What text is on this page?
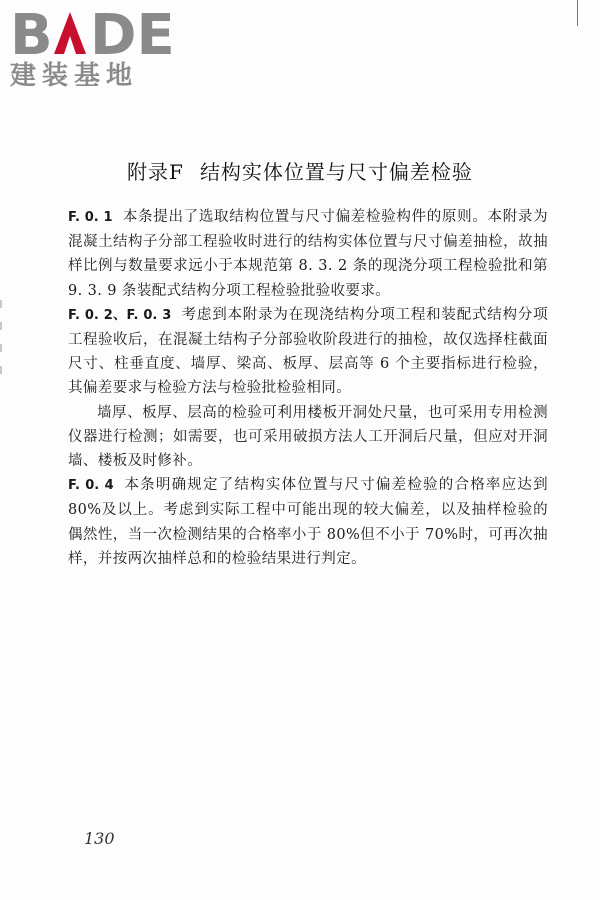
B DE
建装基地
附录F 结构实体位置与尺寸偏差检验

F. 0. 1 本条提出了选取结构位置与尺寸偏差检验构件的原则。本附录为混凝土结构子分部工程验收时进行的结构实体位置与尺寸偏差抽检，故抽样比例与数量要求远小于本规范第 8. 3. 2 条的现浇分项工程检验批和第 9. 3. 9 条装配式结构分项工程检验批验收要求。

F. 0. 2、F. 0. 3 考虑到本附录为在现浇结构分项工程和装配式结构分项工程验收后，在混凝土结构子分部验收阶段进行的抽检，故仅选择柱截面尺寸、柱垂直度、墙厚、梁高、板厚、层高等 6 个主要指标进行检验，其偏差要求与检验方法与检验批检验相同。

墙厚、板厚、层高的检验可利用楼板开洞处尺量，也可采用专用检测仪器进行检测；如需要，也可采用破损方法人工开洞后尺量，但应对开洞墙、楼板及时修补。

F. 0. 4 本条明确规定了结构实体位置与尺寸偏差检验的合格率应达到 80%及以上。考虑到实际工程中可能出现的较大偏差，以及抽样检验的偶然性，当一次检测结果的合格率小于 80%但不小于 70%时，可再次抽样，并按两次抽样总和的检验结果进行判定。

130
